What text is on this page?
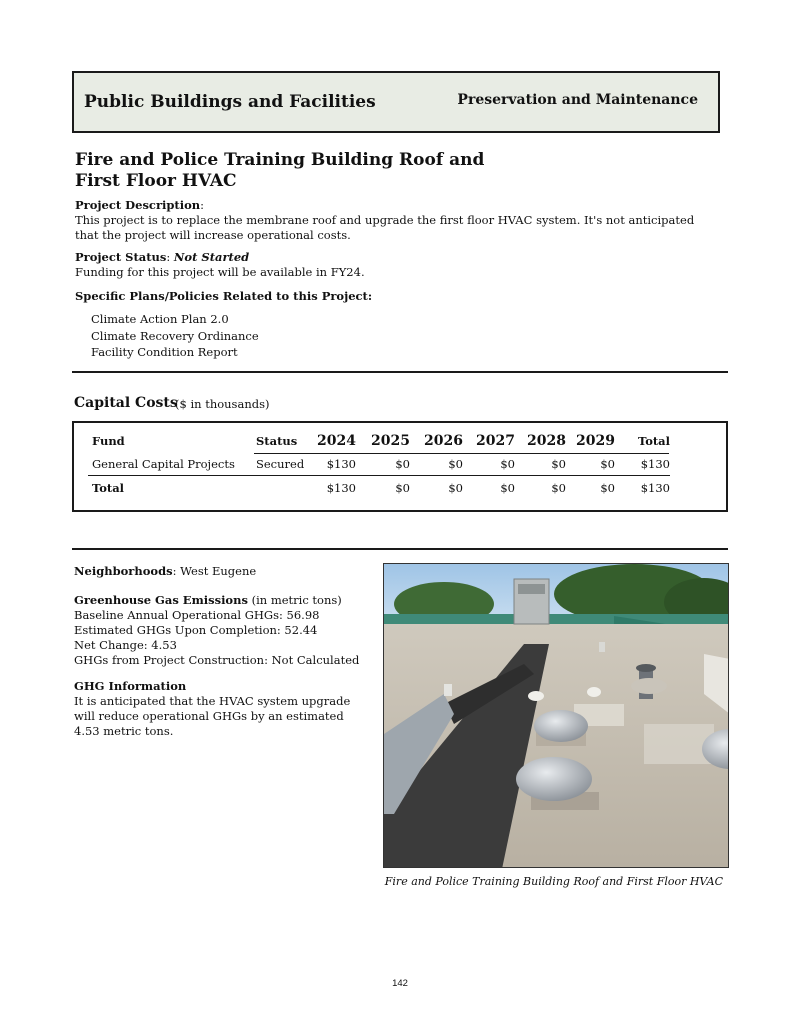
Public Buildings and Facilities	Preservation and Maintenance
Fire and Police Training Building Roof and First Floor HVAC
Project Description:
This project is to replace the membrane roof and upgrade the first floor HVAC system. It's not anticipated that the project will increase operational costs.
Project Status: Not Started
Funding for this project will be available in FY24.
Specific Plans/Policies Related to this Project:
Climate Action Plan 2.0
Climate Recovery Ordinance
Facility Condition Report
Capital Costs
($ in thousands)
Fund	Status	2024	2025	2026 2027 2028 2029	Total
General Capital Projects Secured	$130	$0	$0	$0	$0	$0	$130
Total	$130	$0	$0	$0	$0	$0	$130
Neighborhoods: West Eugene
Greenhouse Gas Emissions (in metric tons)
Baseline Annual Operational GHGs: 56.98
Estimated GHGs Upon Completion: 52.44
Net Change: 4.53
GHGs from Project Construction: Not Calculated
GHG Information
It is anticipated that the HVAC system upgrade will reduce operational GHGs by an estimated 4.53 metric tons.
Fire and Police Training Building Roof and First Floor HVAC
142
